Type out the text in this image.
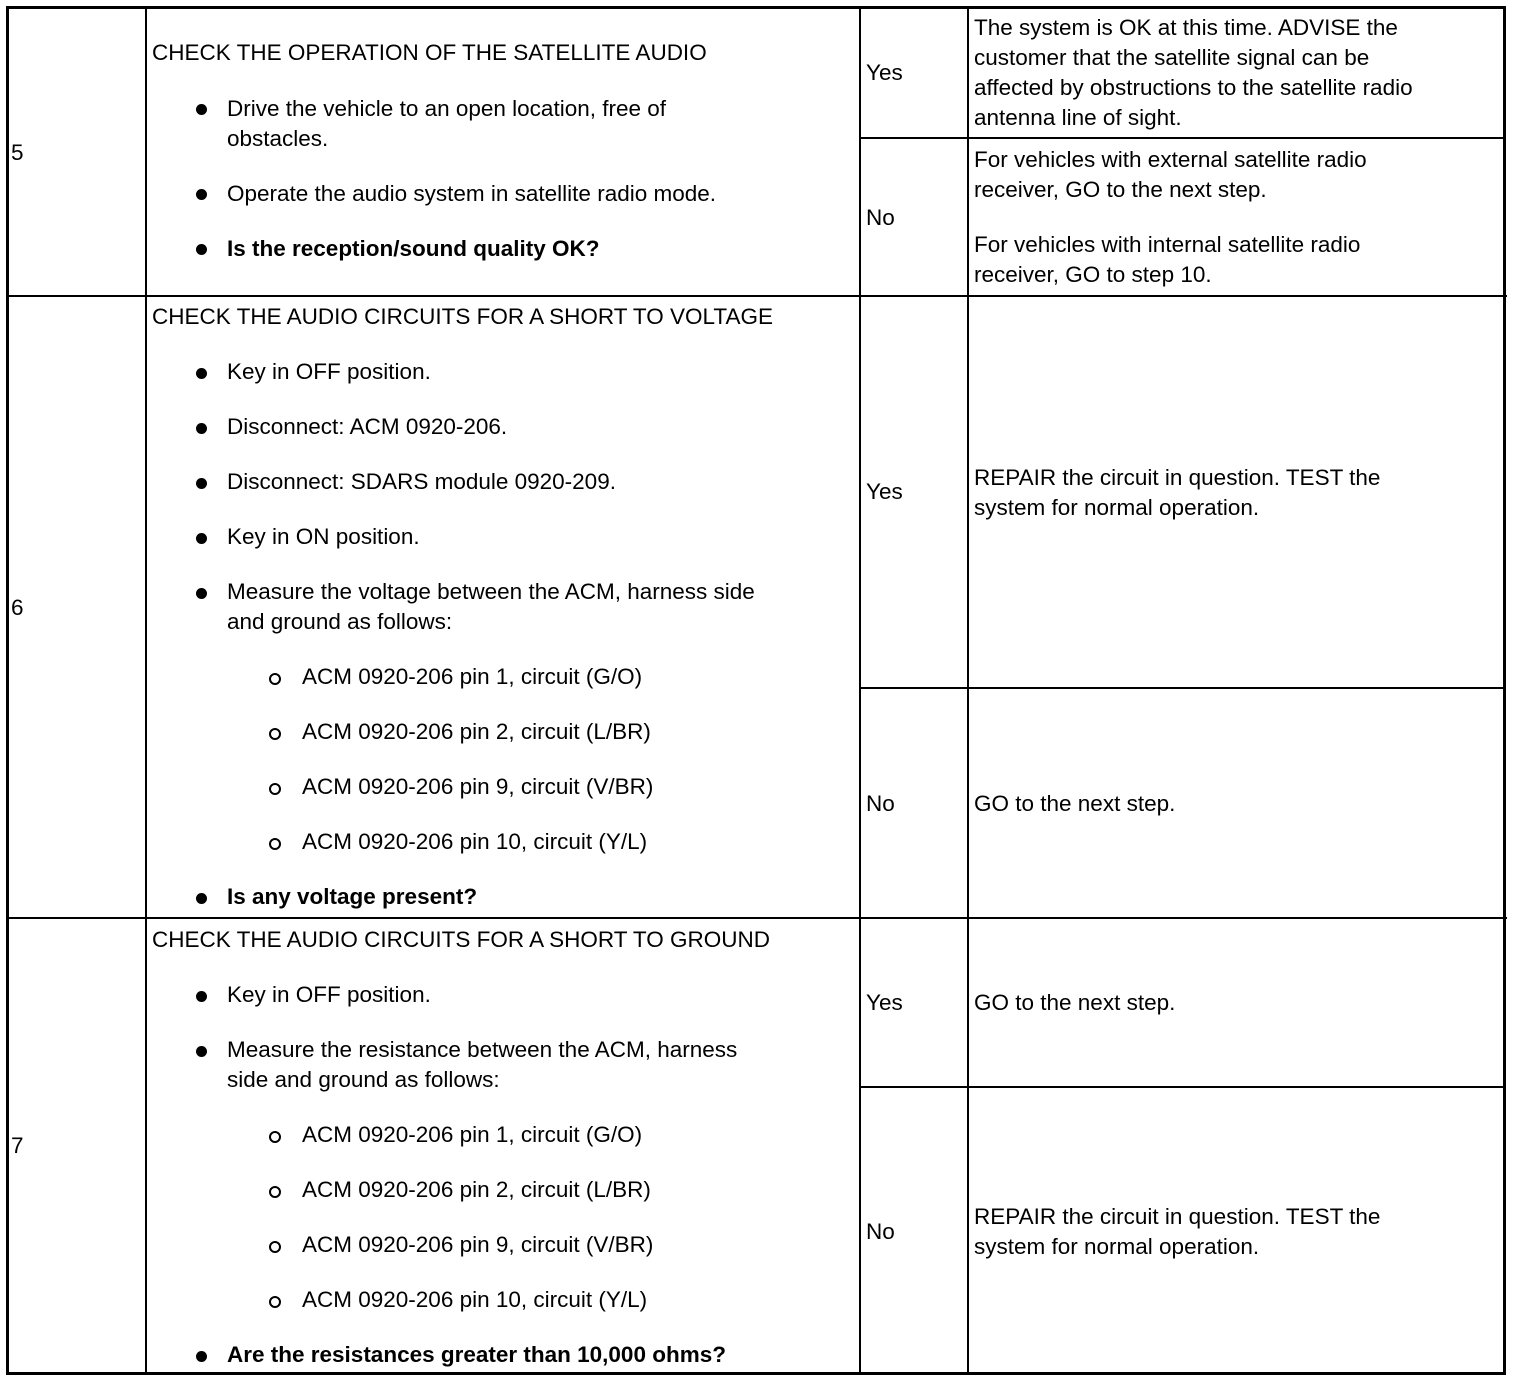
5
CHECK THE OPERATION OF THE SATELLITE AUDIO
Drive the vehicle to an open location, free of
obstacles.
Operate the audio system in satellite radio mode.
Is the reception/sound quality OK?
Yes
The system is OK at this time. ADVISE the
customer that the satellite signal can be
affected by obstructions to the satellite radio
antenna line of sight.
No
For vehicles with external satellite radio
receiver, GO to the next step.
For vehicles with internal satellite radio
receiver, GO to step 10.
6
CHECK THE AUDIO CIRCUITS FOR A SHORT TO VOLTAGE
Key in OFF position.
Disconnect: ACM 0920-206.
Disconnect: SDARS module 0920-209.
Key in ON position.
Measure the voltage between the ACM, harness side
and ground as follows:
ACM 0920-206 pin 1, circuit (G/O)
ACM 0920-206 pin 2, circuit (L/BR)
ACM 0920-206 pin 9, circuit (V/BR)
ACM 0920-206 pin 10, circuit (Y/L)
Is any voltage present?
Yes
REPAIR the circuit in question. TEST the
system for normal operation.
No	GO to the next step.
7
CHECK THE AUDIO CIRCUITS FOR A SHORT TO GROUND
Key in OFF position.
Measure the resistance between the ACM, harness
side and ground as follows:
ACM 0920-206 pin 1, circuit (G/O)
ACM 0920-206 pin 2, circuit (L/BR)
ACM 0920-206 pin 9, circuit (V/BR)
ACM 0920-206 pin 10, circuit (Y/L)
Are the resistances greater than 10,000 ohms?
Yes	GO to the next step.
No
REPAIR the circuit in question. TEST the
system for normal operation.
